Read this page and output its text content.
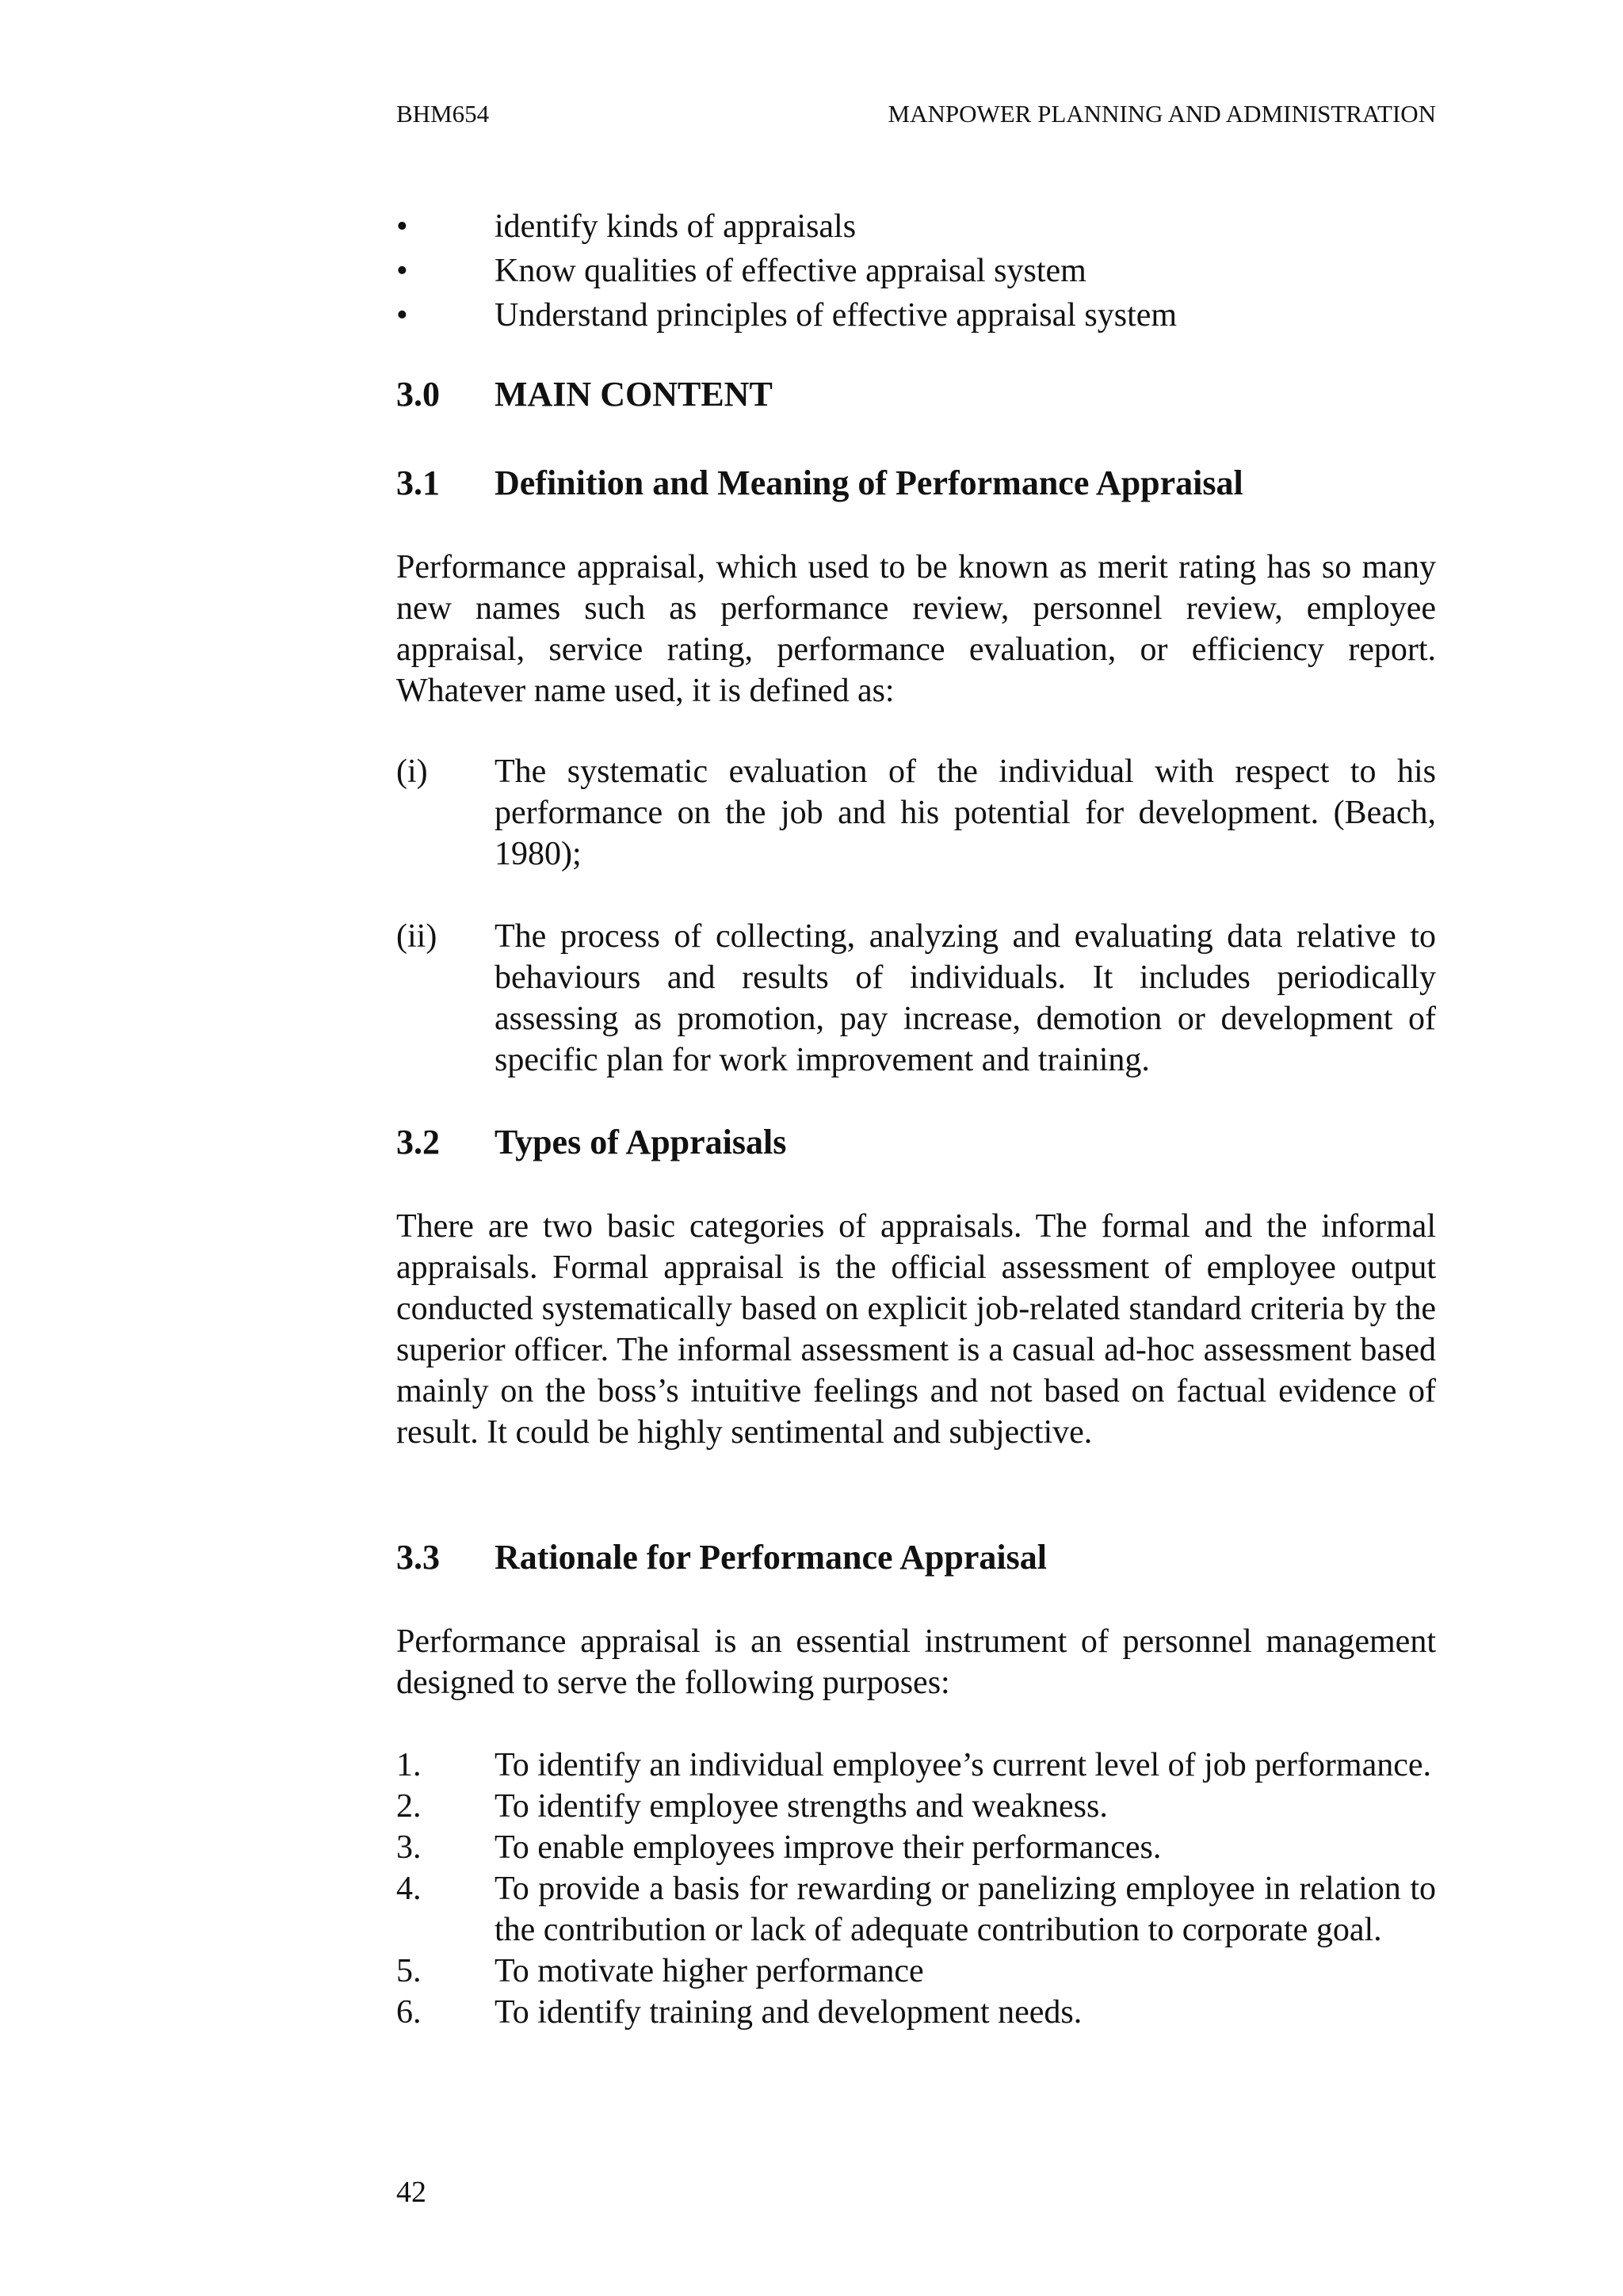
BHM654	MANPOWER PLANNING AND ADMINISTRATION
•	identify kinds of appraisals
•	Know qualities of effective appraisal system
•	Understand principles of effective appraisal system
3.0 MAIN CONTENT
3.1 Definition and Meaning of Performance Appraisal

Performance appraisal, which used to be known as merit rating has so many new names such as performance review, personnel review, employee appraisal, service rating, performance evaluation, or efficiency report. Whatever name used, it is defined as:

(i) The systematic evaluation of the individual with respect to his performance on the job and his potential for development. (Beach, 1980);
(ii) The process of collecting, analyzing and evaluating data relative to behaviours and results of individuals. It includes periodically assessing as promotion, pay increase, demotion or development of specific plan for work improvement and training.
3.2 Types of Appraisals

There are two basic categories of appraisals. The formal and the informal appraisals. Formal appraisal is the official assessment of employee output conducted systematically based on explicit job-related standard criteria by the superior officer. The informal assessment is a casual ad-hoc assessment based mainly on the boss’s intuitive feelings and not based on factual evidence of result. It could be highly sentimental and subjective.

3.3 Rationale for Performance Appraisal

Performance appraisal is an essential instrument of personnel management designed to serve the following purposes:

1. To identify an individual employee’s current level of job performance.
2. To identify employee strengths and weakness.
3. To enable employees improve their performances.
4. To provide a basis for rewarding or panelizing employee in relation to the contribution or lack of adequate contribution to corporate goal.
5. To motivate higher performance
6. To identify training and development needs.
42
